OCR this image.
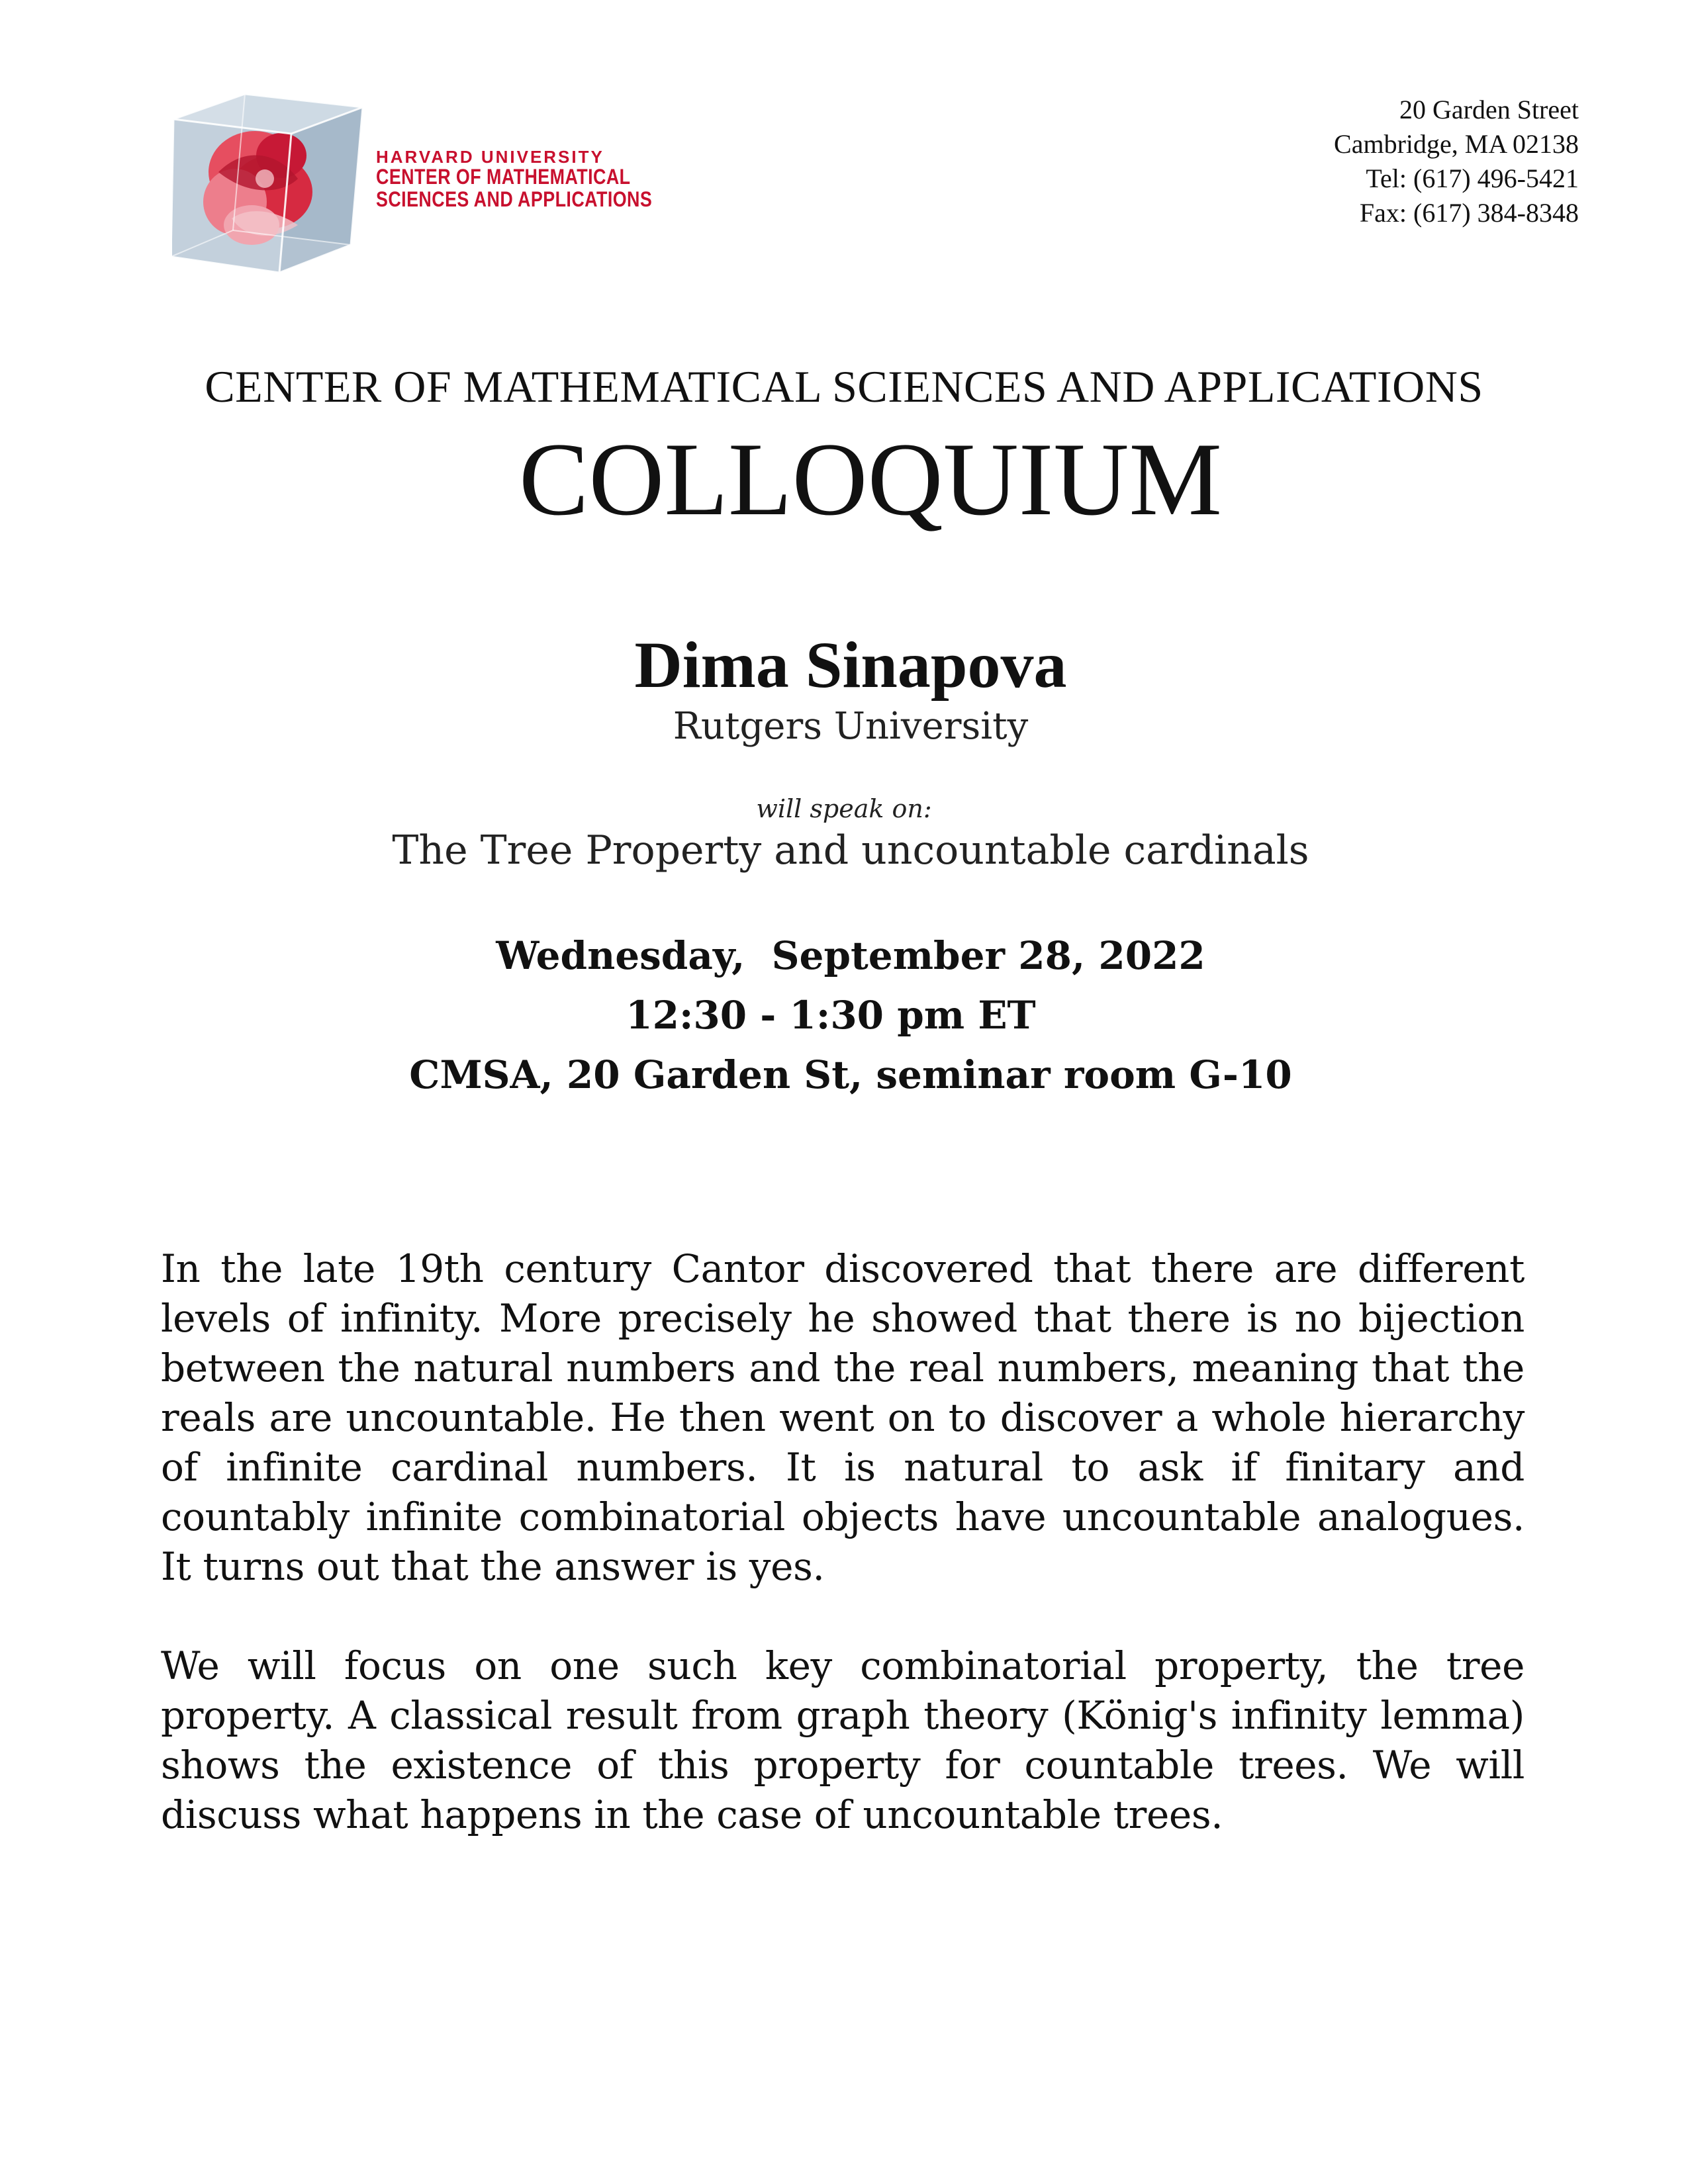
HARVARD UNIVERSITY
CENTER OF MATHEMATICAL
SCIENCES AND APPLICATIONS
20 Garden Street
Cambridge, MA 02138
Tel: (617) 496-5421
Fax: (617) 384-8348
CENTER OF MATHEMATICAL SCIENCES AND APPLICATIONS
COLLOQUIUM
Dima Sinapova
Rutgers University
will speak on:
The Tree Property and uncountable cardinals
Wednesday,  September 28, 2022
12:30 - 1:30 pm ET
CMSA, 20 Garden St, seminar room G-10

In the late 19th century Cantor discovered that there are different levels of infinity. More precisely he showed that there is no bijection between the natural numbers and the real numbers, meaning that the reals are uncountable. He then went on to discover a whole hierarchy of infinite cardinal numbers. It is natural to ask if finitary and countably infinite combinatorial objects have uncountable analogues. It turns out that the answer is yes.

We will focus on one such key combinatorial property, the tree property. A classical result from graph theory (König's infinity lemma) shows the existence of this property for countable trees. We will discuss what happens in the case of uncountable trees.
